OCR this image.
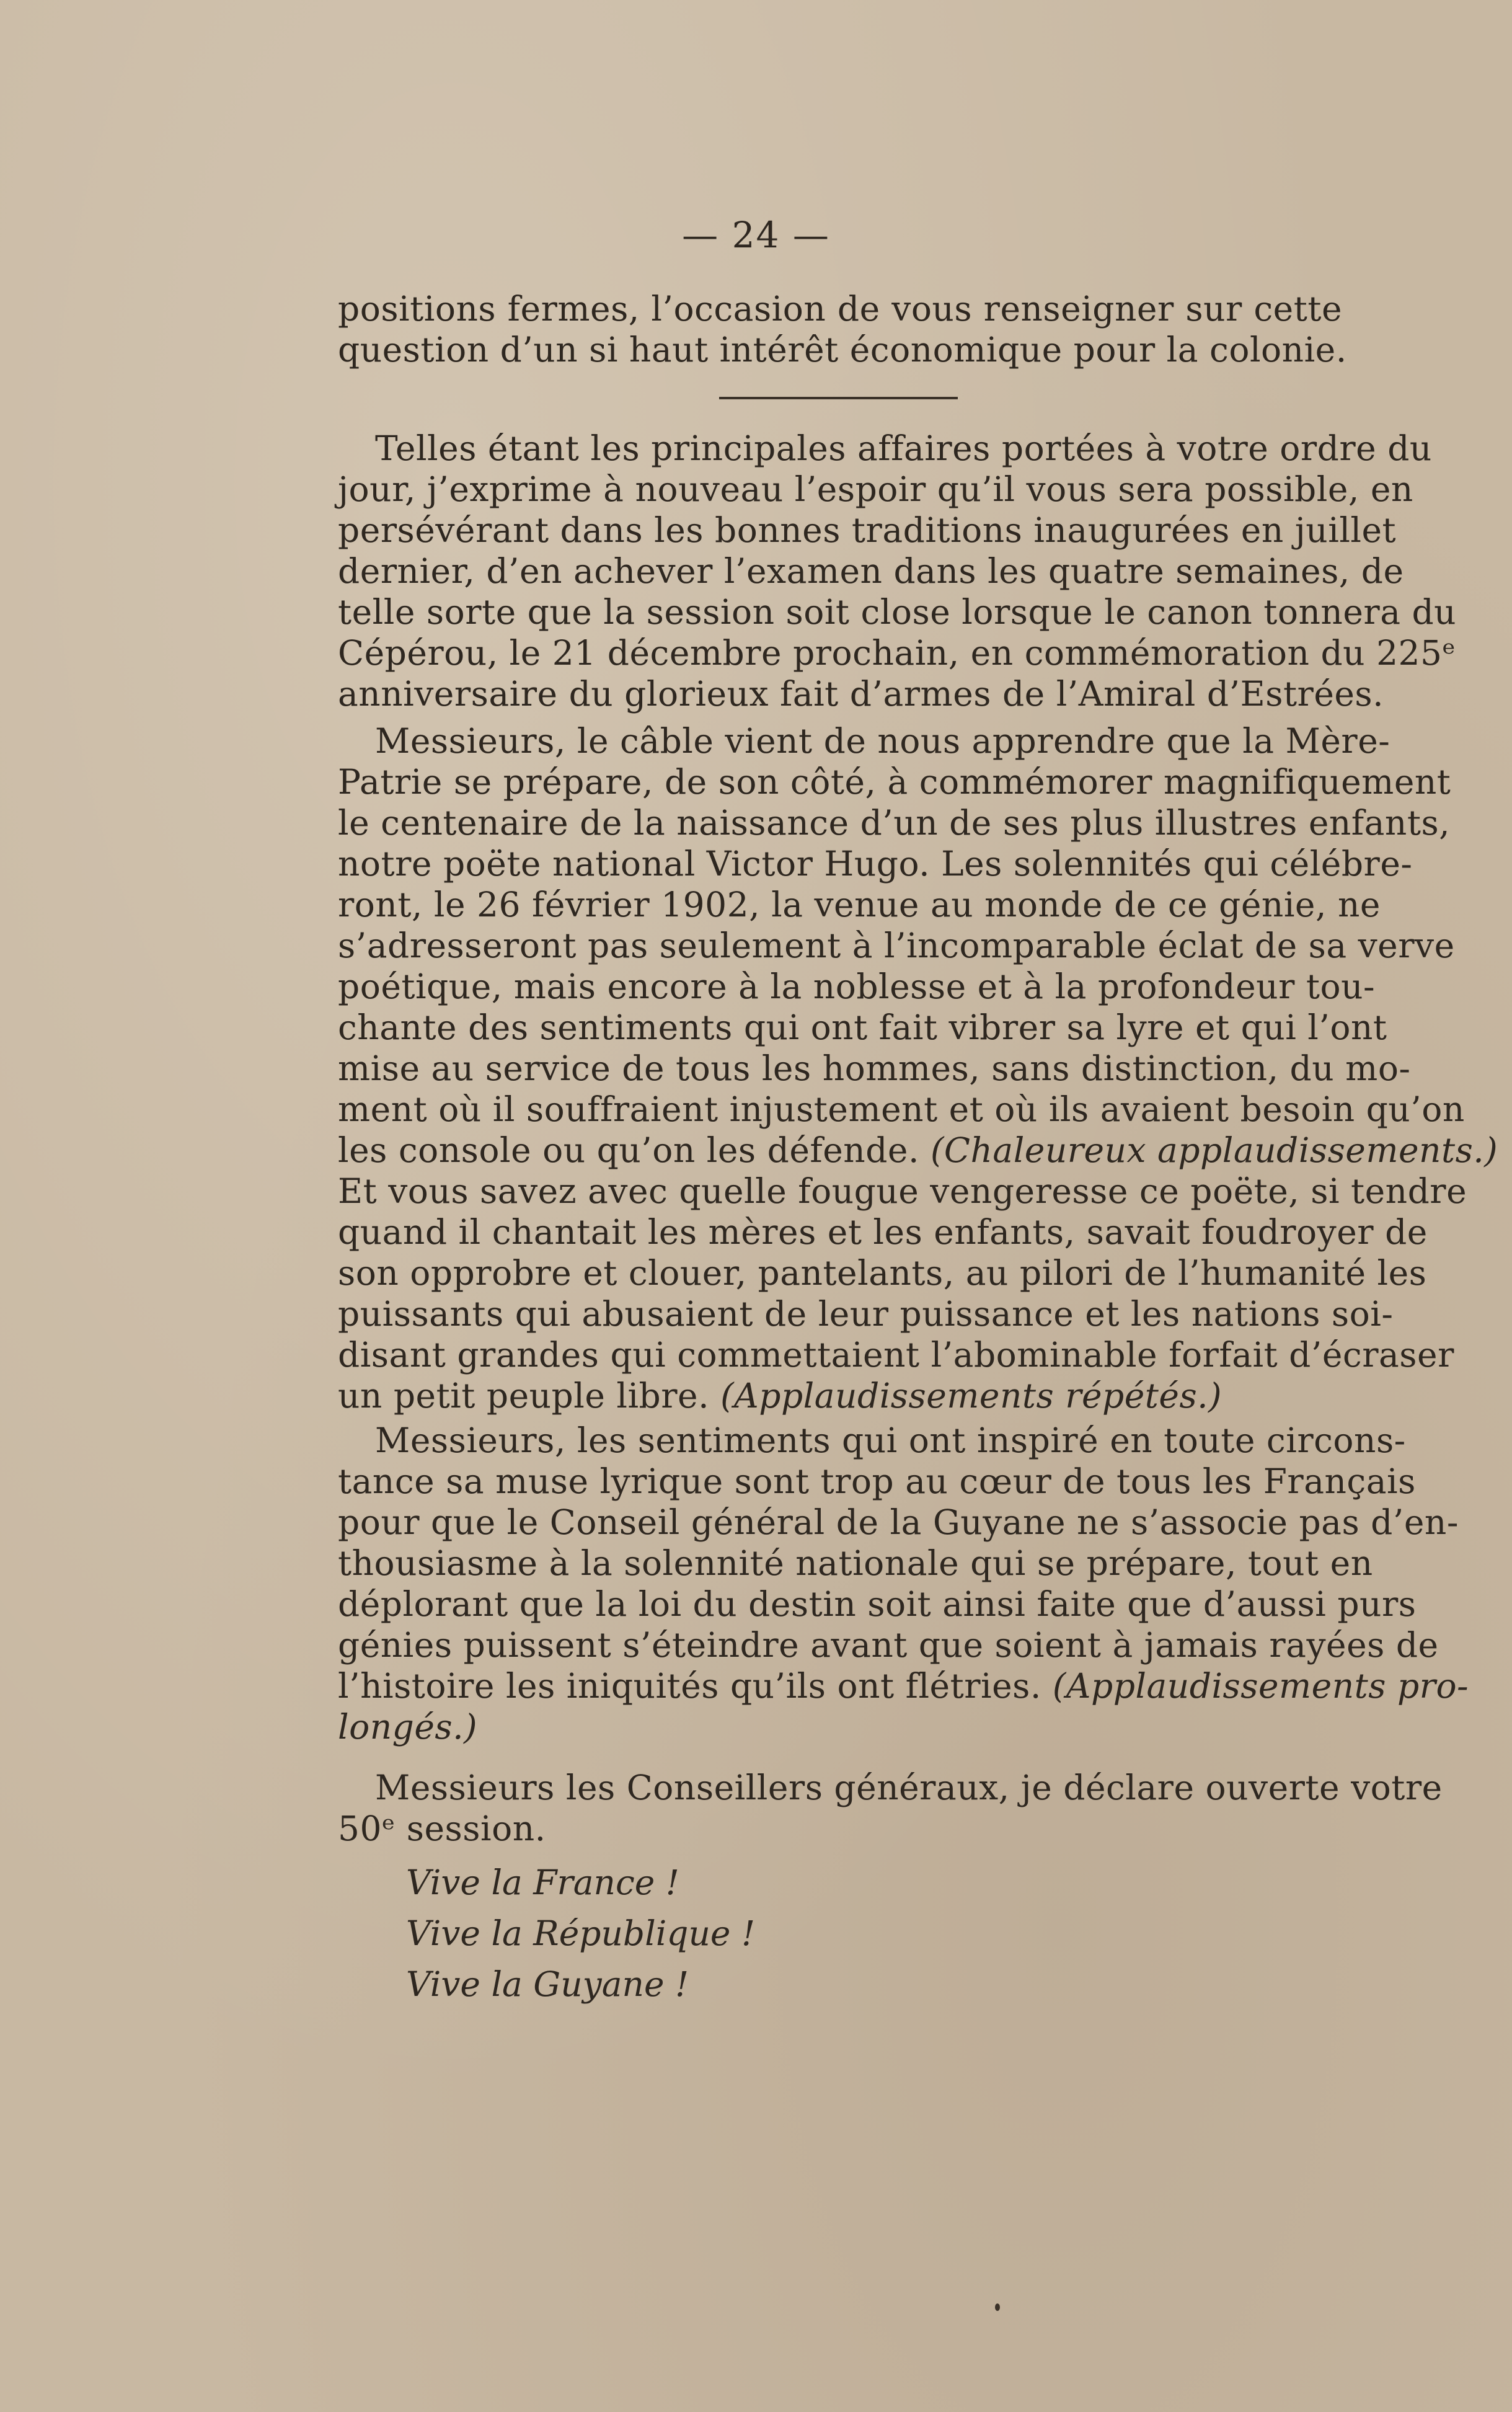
— 24 —
positions fermes, l’occasion de vous renseigner sur cette
question d’un si haut intérêt économique pour la colonie.
Telles étant les principales affaires portées à votre ordre du
jour, j’exprime à nouveau l’espoir qu’il vous sera possible, en
persévérant dans les bonnes traditions inaugurées en juillet
dernier, d’en achever l’examen dans les quatre semaines, de
telle sorte que la session soit close lorsque le canon tonnera du
Cépérou, le 21 décembre prochain, en commémoration du 225ᵉ
anniversaire du glorieux fait d’armes de l’Amiral d’Estrées.
Messieurs, le câble vient de nous apprendre que la Mère-
Patrie se prépare, de son côté, à commémorer magnifiquement
le centenaire de la naissance d’un de ses plus illustres enfants,
notre poëte national Victor Hugo. Les solennités qui célébre-
ront, le 26 février 1902, la venue au monde de ce génie, ne
s’adresseront pas seulement à l’incomparable éclat de sa verve
poétique, mais encore à la noblesse et à la profondeur tou-
chante des sentiments qui ont fait vibrer sa lyre et qui l’ont
mise au service de tous les hommes, sans distinction, du mo-
ment où il souffraient injustement et où ils avaient besoin qu’on
les console ou qu’on les défende. (Chaleureux applaudissements.)
Et vous savez avec quelle fougue vengeresse ce poëte, si tendre
quand il chantait les mères et les enfants, savait foudroyer de
son opprobre et clouer, pantelants, au pilori de l’humanité les
puissants qui abusaient de leur puissance et les nations soi-
disant grandes qui commettaient l’abominable forfait d’écraser
un petit peuple libre. (Applaudissements répétés.)
Messieurs, les sentiments qui ont inspiré en toute circons-
tance sa muse lyrique sont trop au cœur de tous les Français
pour que le Conseil général de la Guyane ne s’associe pas d’en-
thousiasme à la solennité nationale qui se prépare, tout en
déplorant que la loi du destin soit ainsi faite que d’aussi purs
génies puissent s’éteindre avant que soient à jamais rayées de
l’histoire les iniquités qu’ils ont flétries. (Applaudissements pro-
longés.)
Messieurs les Conseillers généraux, je déclare ouverte votre
50ᵉ session.
Vive la France !
Vive la République !
Vive la Guyane !
